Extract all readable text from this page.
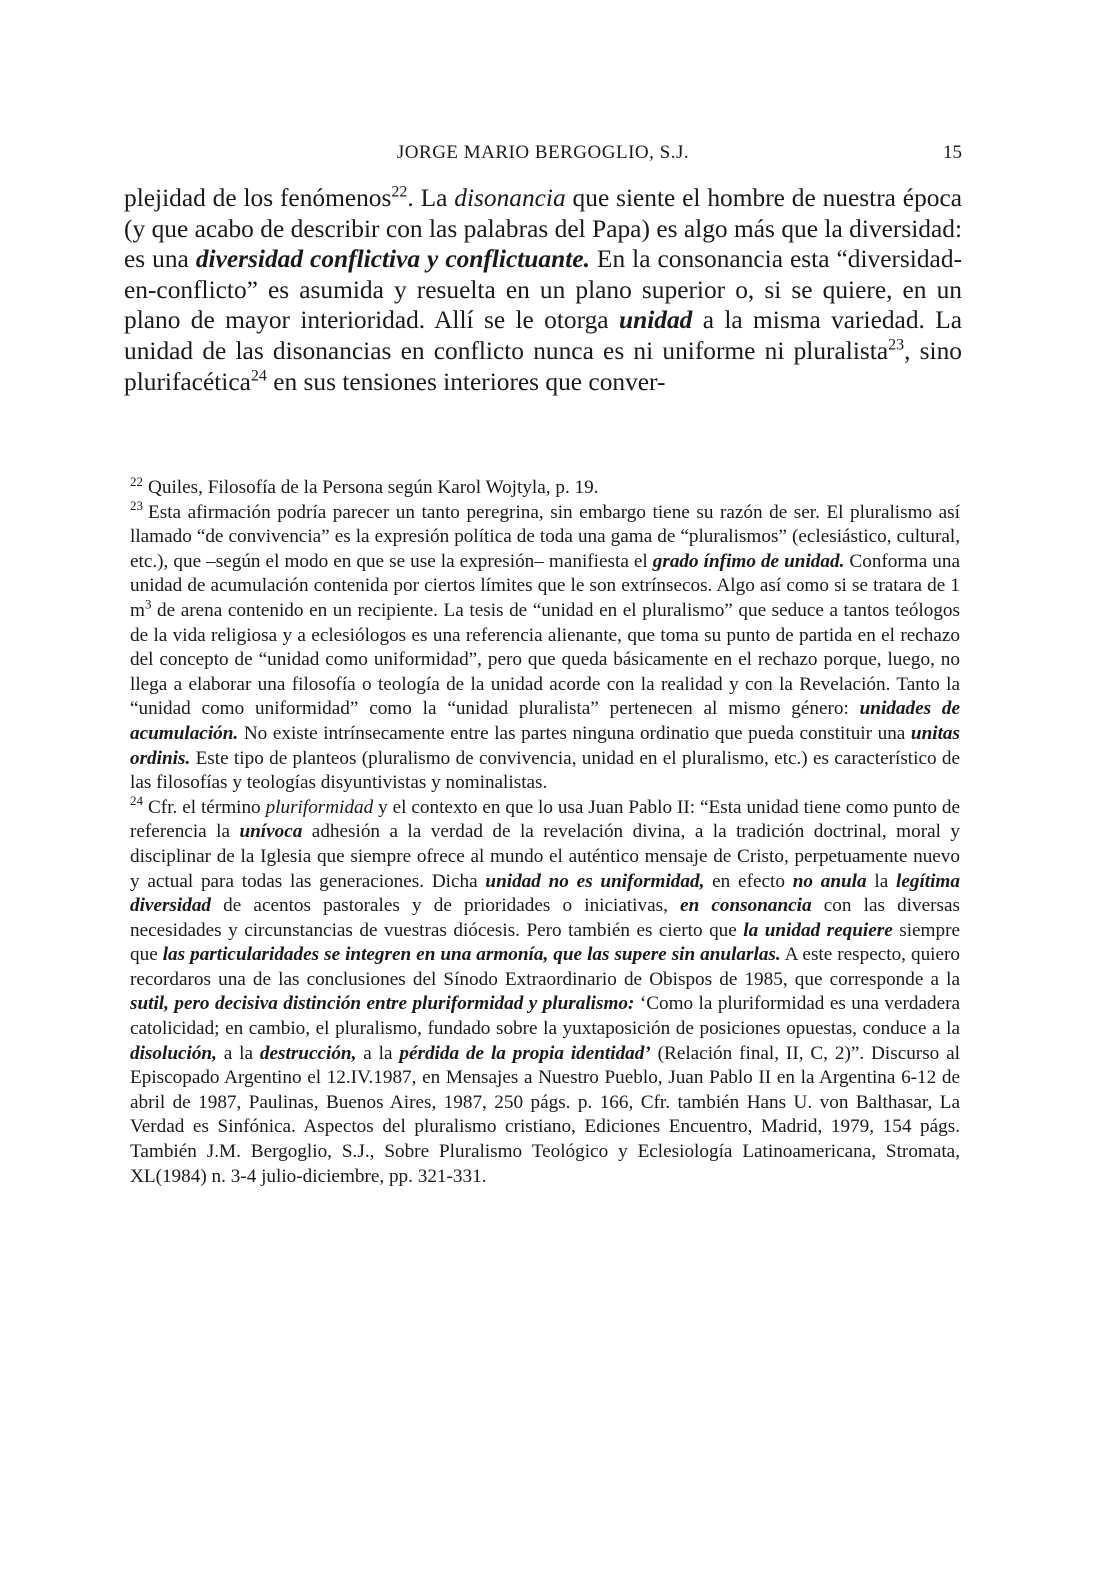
JORGE MARIO BERGOGLIO, S.J.	15

plejidad de los fenómenos$^{22}$. La disonancia que siente el hombre de nuestra época (y que acabo de describir con las palabras del Papa) es algo más que la diversidad: es una diversidad conflictiva y conflictuante. En la consonancia esta “diversidad-en-conflicto” es asumida y resuelta en un plano superior o, si se quiere, en un plano de mayor interioridad. Allí se le otorga unidad a la misma variedad. La unidad de las disonancias en conflicto nunca es ni uniforme ni pluralista$^{23}$, sino plurifacética$^{24}$ en sus tensiones interiores que conver-

$^{22}$ Quiles, Filosofía de la Persona según Karol Wojtyla, p. 19.

$^{23}$ Esta afirmación podría parecer un tanto peregrina, sin embargo tiene su razón de ser. El pluralismo así llamado “de convivencia” es la expresión política de toda una gama de “pluralismos” (eclesiástico, cultural, etc.), que –según el modo en que se use la expresión– manifiesta el grado ínfimo de unidad. Conforma una unidad de acumulación contenida por ciertos límites que le son extrínsecos. Algo así como si se tratara de 1 m$^3$ de arena contenido en un recipiente. La tesis de “unidad en el pluralismo” que seduce a tantos teólogos de la vida religiosa y a eclesiólogos es una referencia alienante, que toma su punto de partida en el rechazo del concepto de “unidad como uniformidad”, pero que queda básicamente en el rechazo porque, luego, no llega a elaborar una filosofía o teología de la unidad acorde con la realidad y con la Revelación. Tanto la “unidad como uniformidad” como la “unidad pluralista” pertenecen al mismo género: unidades de acumulación. No existe intrínsecamente entre las partes ninguna ordinatio que pueda constituir una unitas ordinis. Este tipo de planteos (pluralismo de convivencia, unidad en el pluralismo, etc.) es característico de las filosofías y teologías disyuntivistas y nominalistas.

$^{24}$ Cfr. el término pluriformidad y el contexto en que lo usa Juan Pablo II: “Esta unidad tiene como punto de referencia la unívoca adhesión a la verdad de la revelación divina, a la tradición doctrinal, moral y disciplinar de la Iglesia que siempre ofrece al mundo el auténtico mensaje de Cristo, perpetuamente nuevo y actual para todas las generaciones. Dicha unidad no es uniformidad, en efecto no anula la legítima diversidad de acentos pastorales y de prioridades o iniciativas, en consonancia con las diversas necesidades y circunstancias de vuestras diócesis. Pero también es cierto que la unidad requiere siempre que las particularidades se integren en una armonía, que las supere sin anularlas. A este respecto, quiero recordaros una de las conclusiones del Sínodo Extraordinario de Obispos de 1985, que corresponde a la sutil, pero decisiva distinción entre pluriformidad y pluralismo: ‘Como la pluriformidad es una verdadera catolicidad; en cambio, el pluralismo, fundado sobre la yuxtaposición de posiciones opuestas, conduce a la disolución, a la destrucción, a la pérdida de la propia identidad’ (Relación final, II, C, 2)”. Discurso al Episcopado Argentino el 12.IV.1987, en Mensajes a Nuestro Pueblo, Juan Pablo II en la Argentina 6-12 de abril de 1987, Paulinas, Buenos Aires, 1987, 250 págs. p. 166, Cfr. también Hans U. von Balthasar, La Verdad es Sinfónica. Aspectos del pluralismo cristiano, Ediciones Encuentro, Madrid, 1979, 154 págs. También J.M. Bergoglio, S.J., Sobre Pluralismo Teológico y Eclesiología Latinoamericana, Stromata, XL(1984) n. 3-4 julio-diciembre, pp. 321-331.
